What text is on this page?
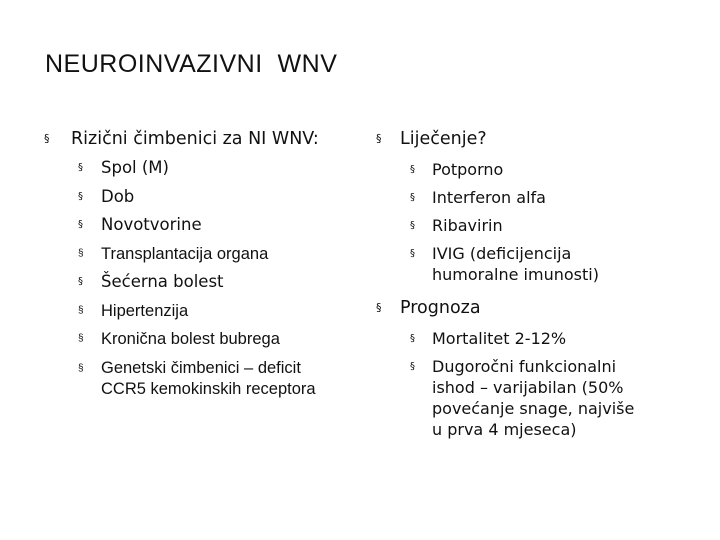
NEUROINVAZIVNI  WNV
§ Rizični čimbenici za NI WNV:
§ Spol (M)
§ Dob
§ Novotvorine
§ Transplantacija organa
§ Šećerna bolest
§ Hipertenzija
§ Kronična bolest bubrega
§ Genetski čimbenici – deficit CCR5 kemokinskih receptora
§ Liječenje?
§ Potporno
§ Interferon alfa
§ Ribavirin
§ IVIG (deficijencija humoralne imunosti)
§ Prognoza
§ Mortalitet 2-12%
§ Dugoročni funkcionalni ishod – varijabilan (50% povećanje snage, najviše u prva 4 mjeseca)
